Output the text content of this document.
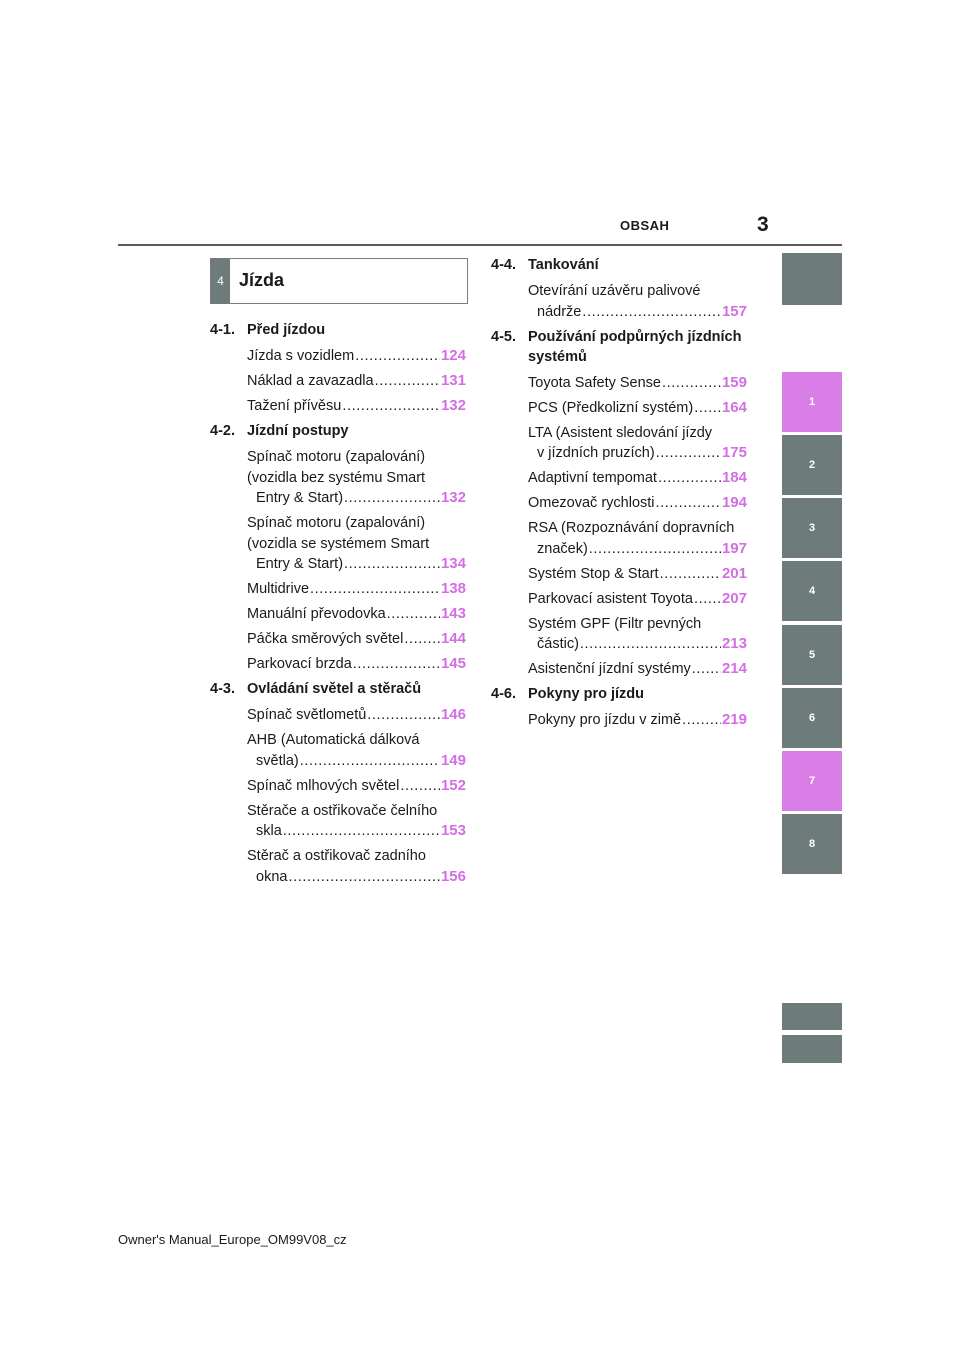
OBSAH	3
1
2
3
4
5
6
7
8
4 Jízda
4-1. Před jízdou
Jízda s vozidlem .....	124
Náklad a zavazadla .....	131
Tažení přívěsu .....	132
4-2. Jízdní postupy
Spínač motoru (zapalování)
(vozidla bez systému Smart
Entry & Start) .....	132
Spínač motoru (zapalování)
(vozidla se systémem Smart
Entry & Start) .....	134
Multidrive .....	138
Manuální převodovka .....	143
Páčka směrových světel .....	144
Parkovací brzda .....	145
4-3. Ovládání světel a stěračů
Spínač světlometů .....	146
AHB (Automatická dálková
světla) .....	149
Spínač mlhových světel .....	152
Stěrače a ostřikovače čelního
skla .....	153
Stěrač a ostřikovač zadního
okna .....	156
4-4. Tankování
Otevírání uzávěru palivové
nádrže .....	157
4-5. Používání podpůrných jízdních systémů
Toyota Safety Sense .....	159
PCS (Předkolizní systém) ..... 164
LTA (Asistent sledování jízdy
v jízdních pruzích) .....	175
Adaptivní tempomat .....	184
Omezovač rychlosti .....	194
RSA (Rozpoznávání dopravních
značek) .....	197
Systém Stop & Start .....	201
Parkovací asistent Toyota ..... 207
Systém GPF (Filtr pevných
částic) .....	213
Asistenční jízdní systémy ..... 214
4-6. Pokyny pro jízdu
Pokyny pro jízdu v zimě .....	219
Owner's Manual_Europe_OM99V08_cz
